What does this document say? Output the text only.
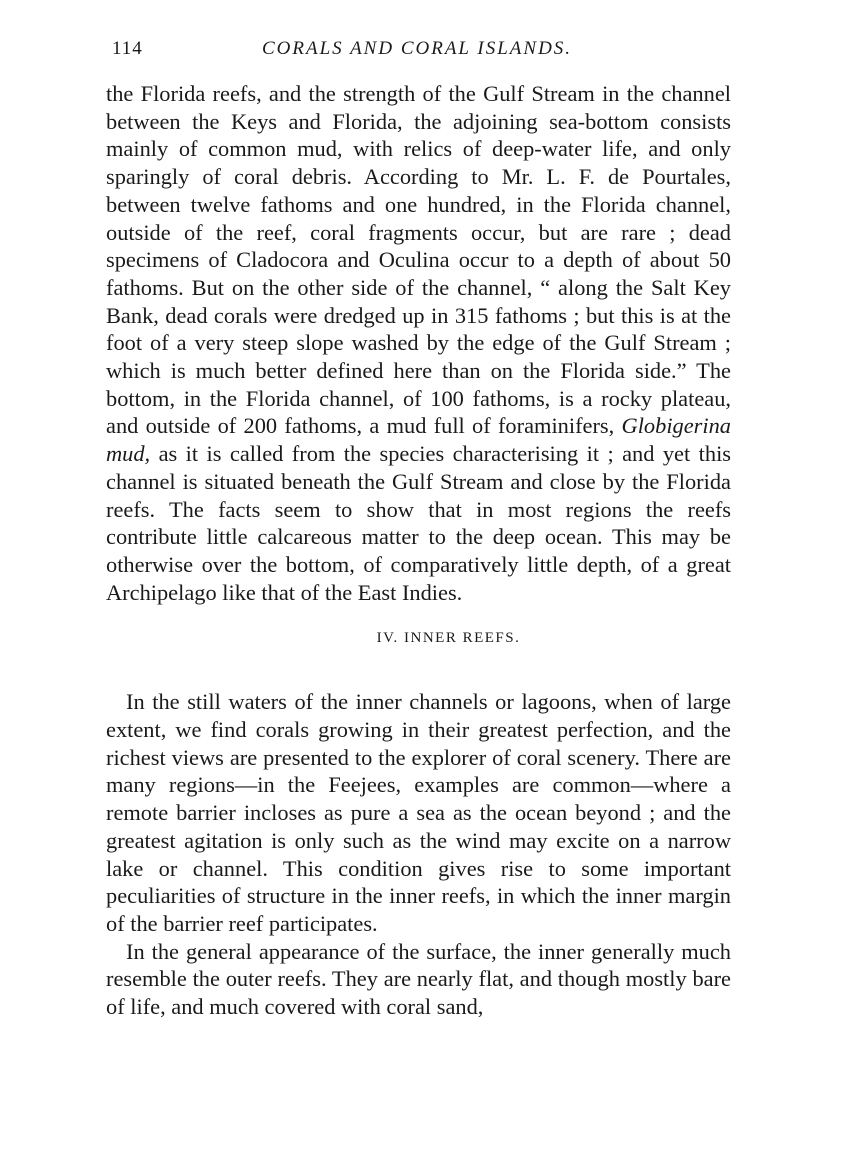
114	CORALS AND CORAL ISLANDS.

the Florida reefs, and the strength of the Gulf Stream in the channel between the Keys and Florida, the adjoining sea-bottom consists mainly of common mud, with relics of deep-water life, and only sparingly of coral debris. According to Mr. L. F. de Pourtales, between twelve fathoms and one hundred, in the Florida channel, outside of the reef, coral fragments occur, but are rare ; dead specimens of Cladocora and Oculina occur to a depth of about 50 fathoms. But on the other side of the channel, “ along the Salt Key Bank, dead corals were dredged up in 315 fathoms ; but this is at the foot of a very steep slope washed by the edge of the Gulf Stream ; which is much better defined here than on the Florida side.” The bottom, in the Florida channel, of 100 fathoms, is a rocky plateau, and outside of 200 fathoms, a mud full of foraminifers, Globigerina mud, as it is called from the species characterising it ; and yet this channel is situated beneath the Gulf Stream and close by the Florida reefs. The facts seem to show that in most regions the reefs contribute little calcareous matter to the deep ocean. This may be otherwise over the bottom, of comparatively little depth, of a great Archipelago like that of the East Indies.

IV. INNER REEFS.

In the still waters of the inner channels or lagoons, when of large extent, we find corals growing in their greatest perfection, and the richest views are presented to the explorer of coral scenery. There are many regions—in the Feejees, examples are common—where a remote barrier incloses as pure a sea as the ocean beyond ; and the greatest agitation is only such as the wind may excite on a narrow lake or channel. This condition gives rise to some important peculiarities of structure in the inner reefs, in which the inner margin of the barrier reef participates.

In the general appearance of the surface, the inner generally much resemble the outer reefs. They are nearly flat, and though mostly bare of life, and much covered with coral sand,
